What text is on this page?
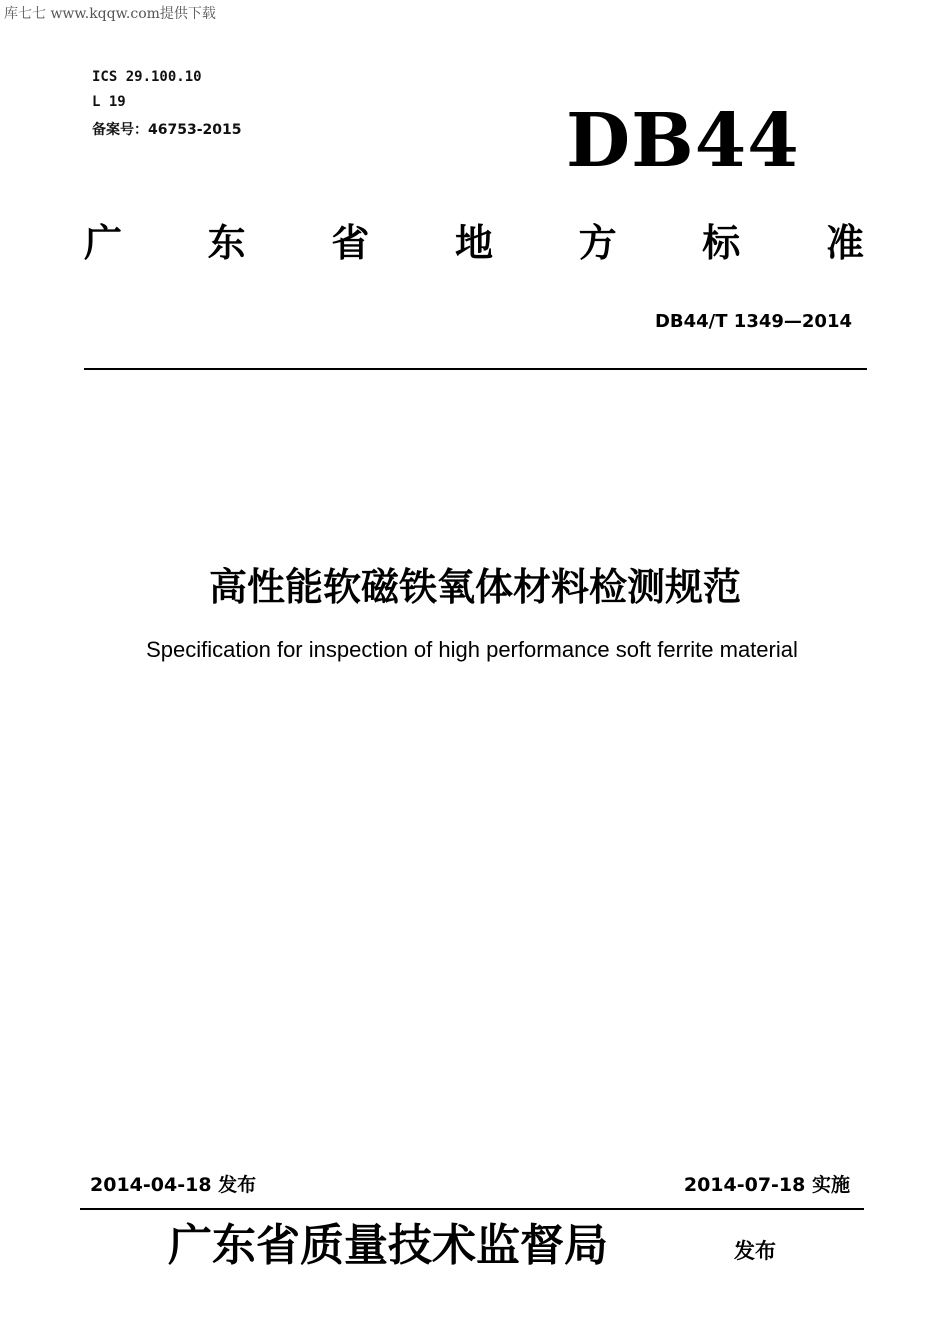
库七七 www.kqqw.com提供下载
ICS 29.100.10
L 19
备案号：46753-2015	DB44
广 东 省 地 方 标 准
DB44/T 1349—2014
高性能软磁铁氧体材料检测规范
Specification for inspection of high performance soft ferrite material
2014-04-18 发布	2014-07-18 实施
广东省质量技术监督局	发布
